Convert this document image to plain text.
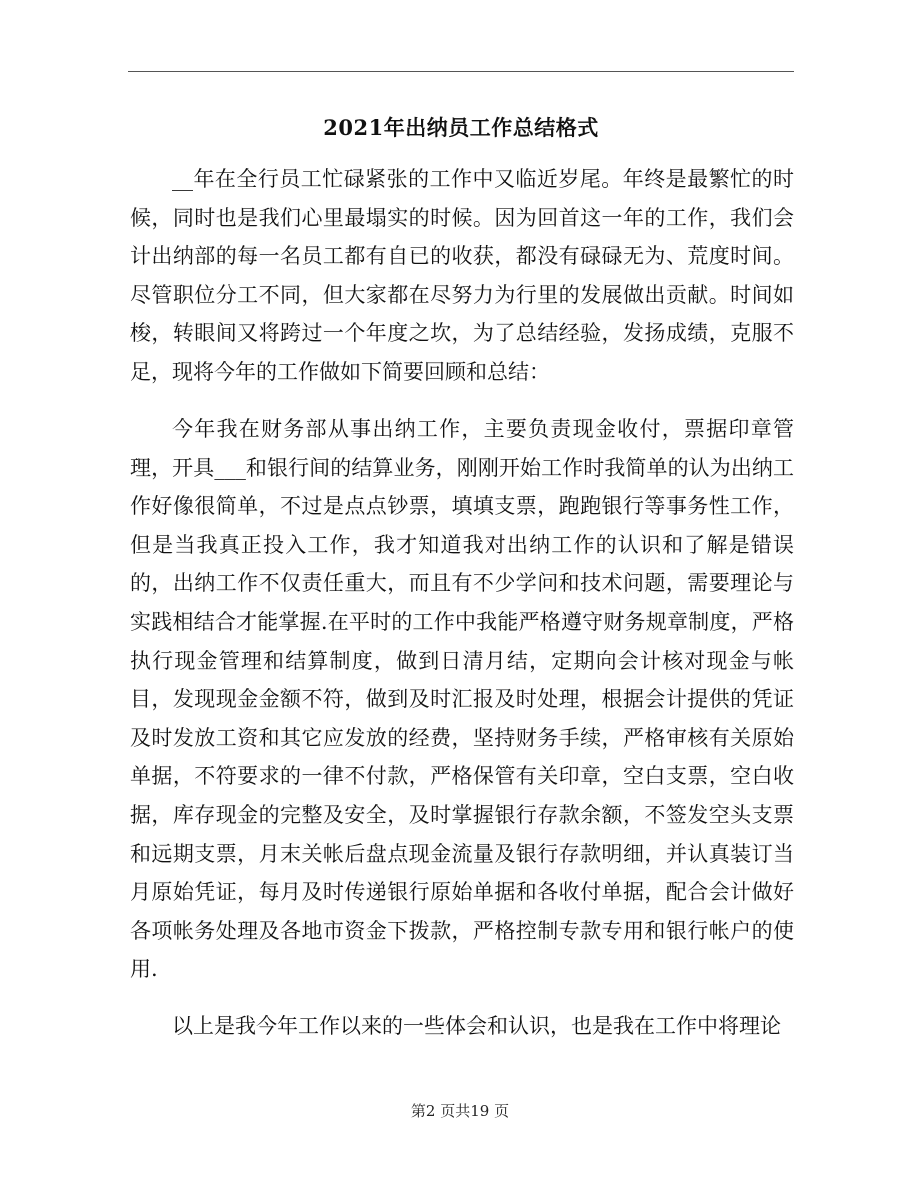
2021年出纳员工作总结格式

__年在全行员工忙碌紧张的工作中又临近岁尾。年终是最繁忙的时候，同时也是我们心里最塌实的时候。因为回首这一年的工作，我们会计出纳部的每一名员工都有自已的收获，都没有碌碌无为、荒度时间。尽管职位分工不同，但大家都在尽努力为行里的发展做出贡献。时间如梭，转眼间又将跨过一个年度之坎，为了总结经验，发扬成绩，克服不足，现将今年的工作做如下简要回顾和总结：

今年我在财务部从事出纳工作，主要负责现金收付，票据印章管理，开具___和银行间的结算业务，刚刚开始工作时我简单的认为出纳工作好像很简单，不过是点点钞票，填填支票，跑跑银行等事务性工作，但是当我真正投入工作，我才知道我对出纳工作的认识和了解是错误的，出纳工作不仅责任重大，而且有不少学问和技术问题，需要理论与实践相结合才能掌握.在平时的工作中我能严格遵守财务规章制度，严格执行现金管理和结算制度，做到日清月结，定期向会计核对现金与帐目，发现现金金额不符，做到及时汇报及时处理，根据会计提供的凭证及时发放工资和其它应发放的经费，坚持财务手续，严格审核有关原始单据，不符要求的一律不付款，严格保管有关印章，空白支票，空白收据，库存现金的完整及安全，及时掌握银行存款余额，不签发空头支票和远期支票，月末关帐后盘点现金流量及银行存款明细，并认真装订当月原始凭证，每月及时传递银行原始单据和各收付单据，配合会计做好各项帐务处理及各地市资金下拨款，严格控制专款专用和银行帐户的使用.

以上是我今年工作以来的一些体会和认识，也是我在工作中将理论

第2 页共19 页
